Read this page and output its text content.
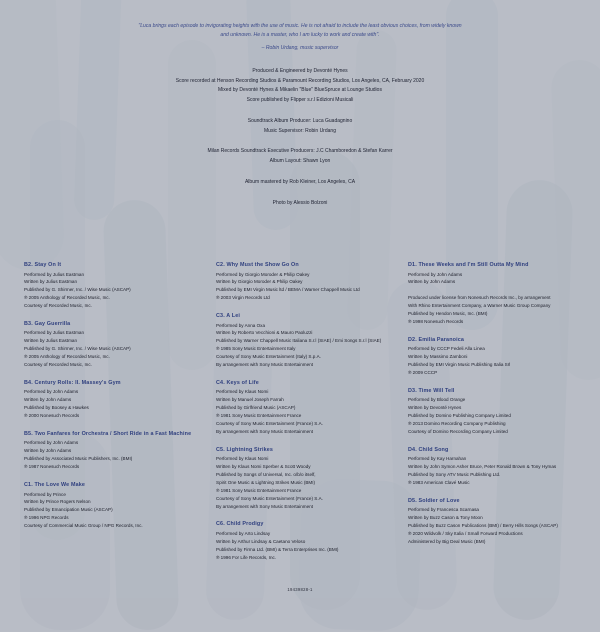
"Luca brings each episode to invigorating heights with the use of music. He is not afraid to include the least obvious choices, from widely known and unknown. He is a master, who I am lucky to work and create with".
– Robin Urdang, music supervisor
Produced & Engineered by Devonté Hynes
Score recorded at Henson Recording Studios & Paramount Recording Studios, Los Angeles, CA, February 2020
Mixed by Devonté Hynes & Mikaelin "Blue" BlueSpruce at Lounge Studios
Score published by Flipper s.r.l Edizioni Musicali
Soundtrack Album Producer: Luca Guadagnino
Music Supervisor: Robin Urdang
Milan Records Soundtrack Executive Producers: J.C Chamboredon & Stefan Karrer
Album Layout: Shawn Lyon
Album mastered by Rob Kleiner, Los Angeles, CA
Photo by Alessio Bolzoni
B2. Stay On It
Performed by Julius Eastman
Written by Julius Eastman
Published by G. Shirmer, Inc. / Wise Music (ASCAP)
℗ 2005 Anthology of Recorded Music, Inc.
Courtesy of Recorded Music, Inc.
B3. Gay Guerrilla
Performed by Julius Eastman
Written by Julius Eastman
Published by G. Shirmer, Inc. / Wise Music (ASCAP)
℗ 2005 Anthology of Recorded Music, Inc.
Courtesy of Recorded Music, Inc.
B4. Century Rolls: II. Massey's Gym
Performed by John Adams
Written by John Adams
Published by Boosey & Hawkes
℗ 2000 Nonesuch Records
B5. Two Fanfares for Orchestra / Short Ride in a Fast Machine
Performed by John Adams
Written by John Adams
Published by Associated Music Publishers, Inc. (BMI)
℗ 1987 Nonesuch Records
C1. The Love We Make
Performed by Prince
Written by Prince Rogers Nelson
Published by Emancipation Music (ASCAP)
℗ 1996 NPG Records
Courtesy of Commercial Music Group / NPG Records, Inc.
C2. Why Must the Show Go On
Performed by Giorgio Moroder & Philip Oakey
Written by Giorgio Moroder & Philip Oakey
Published by EMI Virgin Music ltd / BEMA / Warner Chappell Music Ltd
℗ 2003 Virgin Records Ltd
C3. A Lei
Performed by Anna Oxa
Written by Roberto Vecchioni & Mauro Paoluzzi
Published by Warner Chappell Music Italiana S.r.l (SIAE) / Emi Songs S.r.l (SIAE)
℗ 1985 Sony Music Entertainment Italy
Courtesy of Sony Music Entertainment (Italy) S.p.A.
By arrangement with Sony Music Entertainment
C4. Keys of Life
Performed by Klaus Nomi
Written by Manuel Joseph Farrah
Published by Girlfriend Music (ASCAP)
℗ 1981 Sony Music Entertainment France
Courtesy of Sony Music Entertainment (France) S.A.
By arrangement with Sony Music Entertainment
C5. Lightning Strikes
Performed by Klaus Nomi
Written by Klaus Nomi Sperber & Scott Woody
Published by Songs of Universal, Inc. o/b/o itself,
Spirit One Music & Lightning Strikes Music (BMI)
℗ 1981 Sony Music Entertainment France
Courtesy of Sony Music Entertainment (France) S.A.
By arrangement with Sony Music Entertainment
C6. Child Prodigy
Performed by Arto Lindsay
Written by Arthur Lindsay & Caetano Veloso
Published by Firma Ltd. (BMI) & Terra Enterprises Inc. (BMI)
℗ 1996 For Life Records, Inc.
D1. These Weeks and I'm Still Outta My Mind
Performed by John Adams
Written by John Adams

Produced under license from Nonesuch Records Inc., by arrangement
With Rhino Entertainment Company, a Warner Music Group Company
Published by Hendon Music, Inc. (BMI)
℗ 1998 Nonesuch Records
D2. Emilia Paranoica
Performed by CCCP Fedeli Alla Linea
Written by Massimo Zamboni
Published by EMI Virgin Music Publishing Italia Srl
℗ 2009 CCCP
D3. Time Will Tell
Performed by Blood Orange
Written by Devonté Hynes
Published by Domino Publishing Company Limited
℗ 2013 Domino Recording Company Publishing
Courtesy of Domino Recording Company Limited
D4. Child Song
Performed by Kay Harnahan
Written by John Symon Asher Bruce, Peter Ronald Brown & Tony Hymas
Published by Sony ATV Music Publishing Ltd.
℗ 1983 American Clavé Music
D5. Soldier of Love
Performed by Francesca Scarnasa
Written by Buzz Cason & Tony Moon
Published by Buzz Cason Publications (BMI) / Berry Hills Songs (ASCAP)
℗ 2020 Wildvolk / Sky Italia / Small Forward Productions
Administered by Big Deal Music (BMI)
19439828-1
